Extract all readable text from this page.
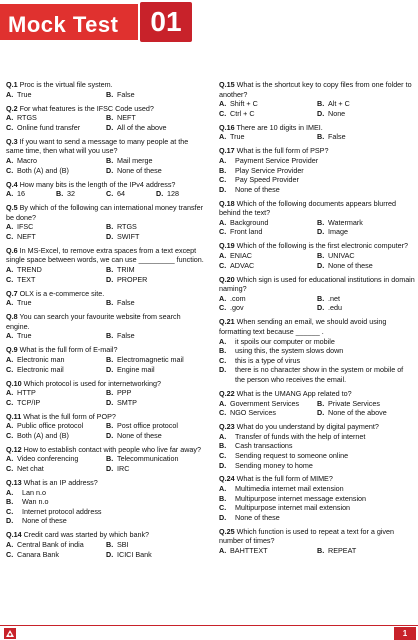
Mock Test	01
Q.1 Proc is the virtual file system.
A. True	B. False
Q.2 For what features is the IFSC Code used?
A. RTGS	B. NEFT
C. Online fund transfer	D. All of the above
Q.3 If you want to send a message to many people at the same time, then what will you use?
A. Macro	B. Mail merge
C. Both (A) and (B)	D. None of these
Q.4 How many bits is the length of the IPv4 address?
A. 16	B. 32	C. 64	D. 128
Q.5 By which of the following can international money transfer be done?
A. IFSC	B. RTGS
C. NEFT	D. SWIFT
Q.6 In MS-Excel, to remove extra spaces from a text except single space between words, we can use _________ function.
A. TREND	B. TRIM
C. TEXT	D. PROPER
Q.7 OLX is a e-commerce site.
A. True	B. False
Q.8 You can search your favourite website from search engine.
A. True	B. False
Q.9 What is the full form of E-mail?
A. Electronic man	B. Electromagnetic mail
C. Electronic mail	D. Engine mail
Q.10 Which protocol is used for internetworking?
A. HTTP	B. PPP
C. TCP/IP	D. SMTP
Q.11 What is the full form of POP?
A. Public office protocol	B. Post office protocol
C. Both (A) and (B)	D. None of these
Q.12 How to establish contact with people who live far away?
A. Video conferencing	B. Telecommunication
C. Net chat	D. IRC
Q.13 What is an IP address?
A.	Lan n.o
B.	Wan n.o
C.	Internet protocol address
D.	None of these
Q.14 Credit card was started by which bank?
A. Central Bank of india	B. SBI
C. Canara Bank	D. ICICI Bank
Q.15 What is the shortcut key to copy files from one folder to another?
A. Shift + C	B. Alt + C
C. Ctrl + C	D. None
Q.16 There are 10 digits in IMEI.
A. True	B. False
Q.17 What is the full form of PSP?
A.	Payment Service Provider
B.	Play Service Provider
C.	Pay Speed Provider
D.	None of these
Q.18 Which of the following documents appears blurred behind the text?
A. Background	B. Watermark
C. Front land	D. Image
Q.19 Which of the following is the first electronic computer?
A. ENIAC	B. UNIVAC
C. ADVAC	D. None of these
Q.20 Which sign is used for educational institutions in domain naming?
A. .com	B. .net
C. .gov	D. .edu
Q.21 When sending an email, we should avoid using formatting text because ______ .
A.	it spoils our computer or mobile
B.	using this, the system slows down
C.	this is a type of virus
D.	there is no character show in the system or mobile of the person who receives the email.
Q.22 What is the UMANG App related to?
A. Government Services B. Private Services
C. NGO Services	D. None of the above
Q.23 What do you understand by digital payment?
A.	Transfer of funds with the help of internet
B.	Cash transactions
C.	Sending request to someone online
D.	Sending money to home
Q.24 What is the full form of MIME?
A.	Multimedia internet mail extension
B.	Multipurpose internet message extension
C.	Multipurpose internet mail extension
D.	None of these
Q.25 Which function is used to repeat a text for a given number of times?
A. BAHTTEXT	B. REPEAT
1
